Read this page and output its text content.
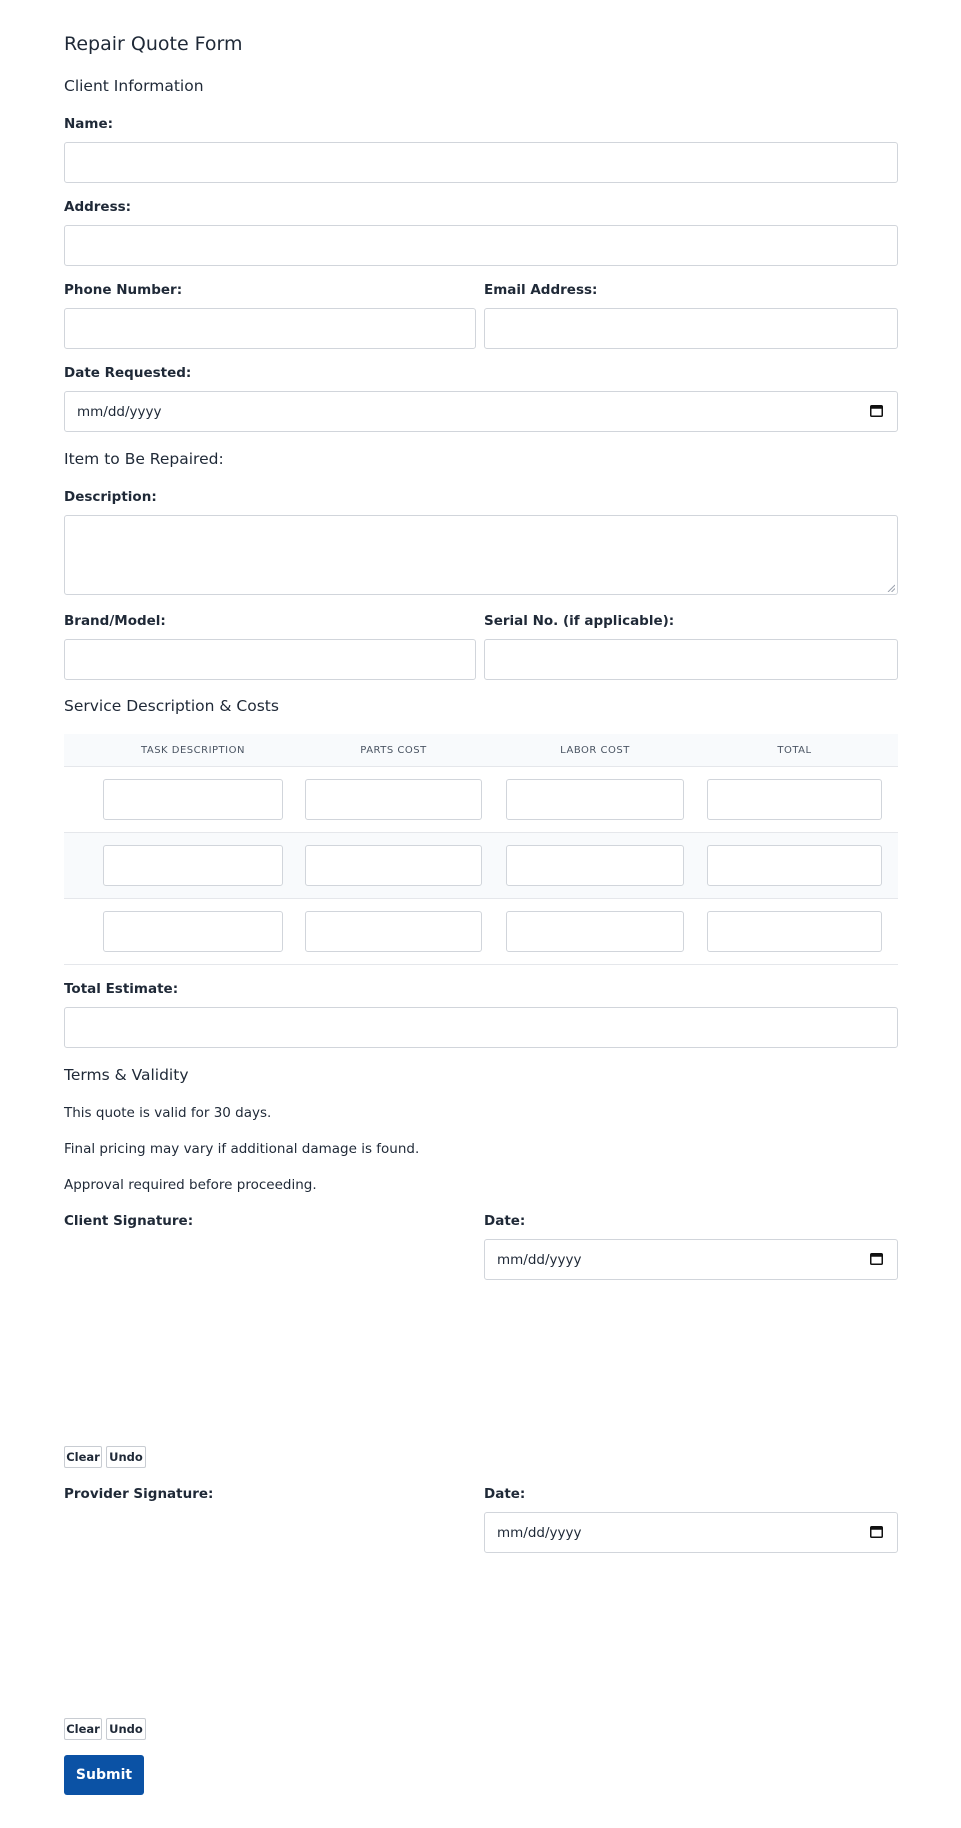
Repair Quote Form
Client Information
Name:
Address:
Phone Number:	Email Address:
Date Requested:
mm/dd/yyyy
Item to Be Repaired:
Description:
Brand/Model:	Serial No. (if applicable):
Service Description & Costs
TASK DESCRIPTION	PARTS COST	LABOR COST	TOTAL
Total Estimate:
Terms & Validity
This quote is valid for 30 days.
Final pricing may vary if additional damage is found.
Approval required before proceeding.
Client Signature:	Date:
mm/dd/yyyy
Clear Undo
Provider Signature:	Date:
mm/dd/yyyy
Clear Undo
Submit
